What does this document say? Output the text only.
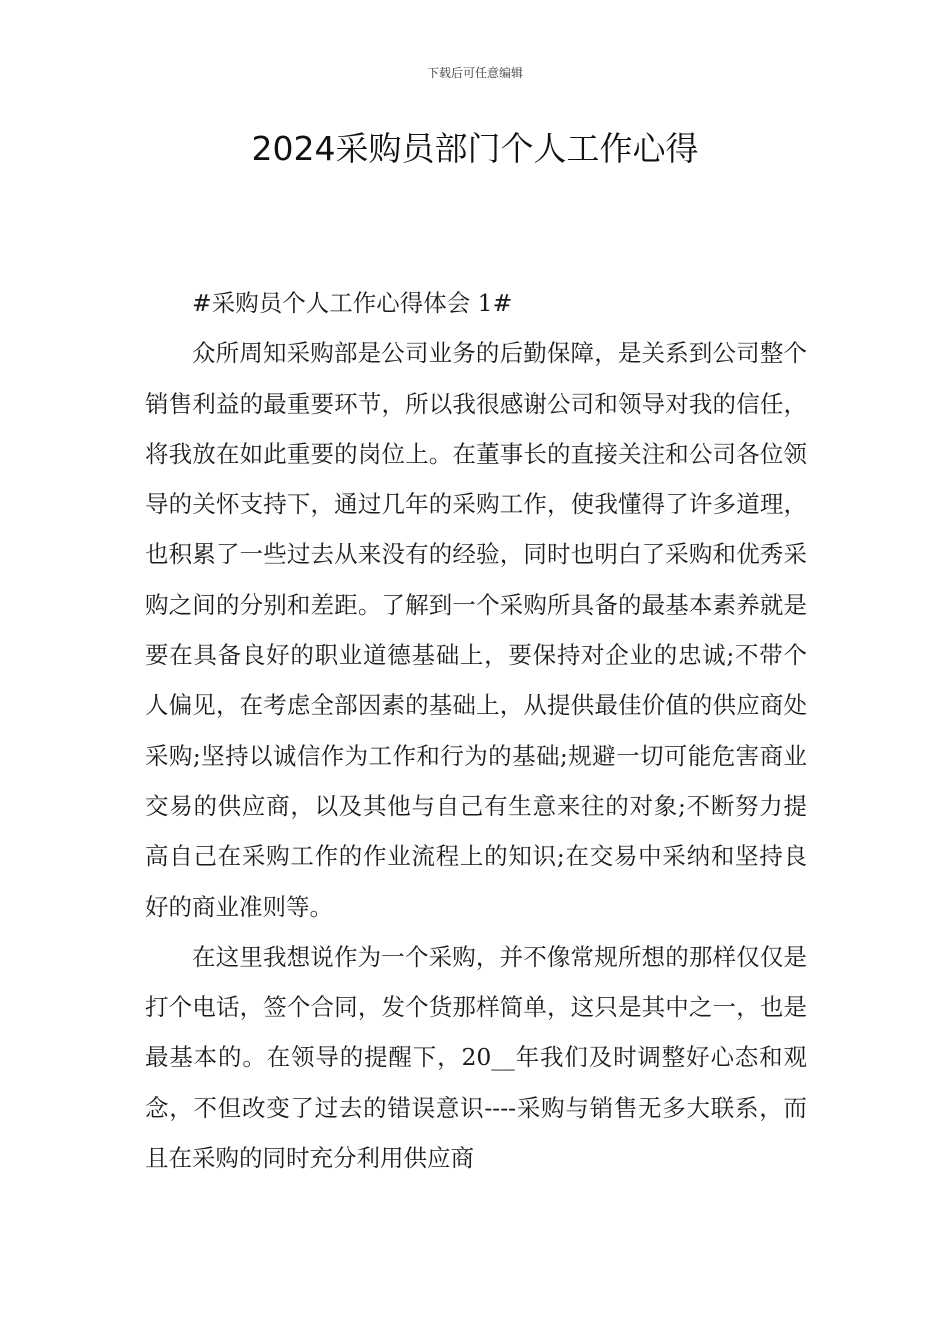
下载后可任意编辑
2024采购员部门个人工作心得

#采购员个人工作心得体会 1#

众所周知采购部是公司业务的后勤保障，是关系到公司整个销售利益的最重要环节，所以我很感谢公司和领导对我的信任，将我放在如此重要的岗位上。在董事长的直接关注和公司各位领导的关怀支持下，通过几年的采购工作，使我懂得了许多道理，也积累了一些过去从来没有的经验，同时也明白了采购和优秀采购之间的分别和差距。了解到一个采购所具备的最基本素养就是要在具备良好的职业道德基础上，要保持对企业的忠诚;不带个人偏见，在考虑全部因素的基础上，从提供最佳价值的供应商处采购;坚持以诚信作为工作和行为的基础;规避一切可能危害商业交易的供应商，以及其他与自己有生意来往的对象;不断努力提高自己在采购工作的作业流程上的知识;在交易中采纳和坚持良好的商业准则等。

在这里我想说作为一个采购，并不像常规所想的那样仅仅是打个电话，签个合同，发个货那样简单，这只是其中之一，也是最基本的。在领导的提醒下，20__年我们及时调整好心态和观念，不但改变了过去的错误意识----采购与销售无多大联系，而且在采购的同时充分利用供应商
